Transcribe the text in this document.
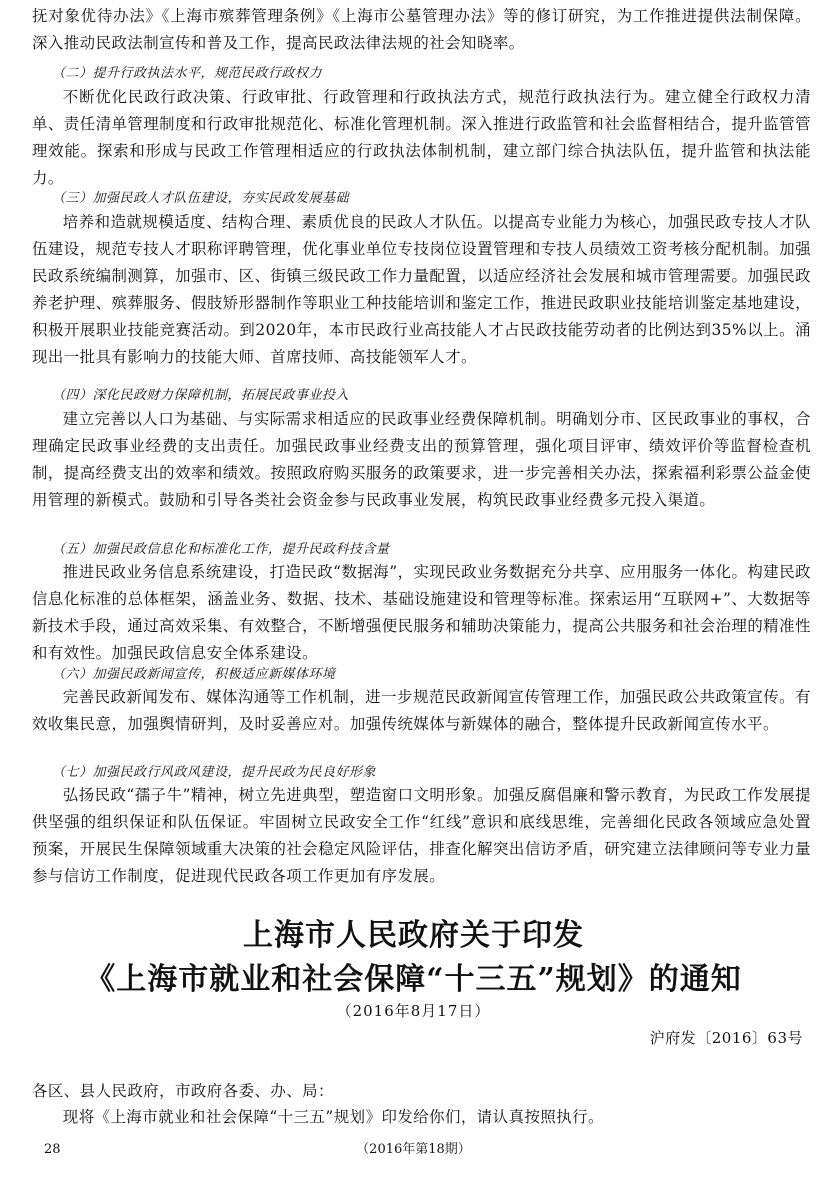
抚对象优待办法》《上海市殡葬管理条例》《上海市公墓管理办法》等的修订研究，为工作推进提供法制保障。深入推动民政法制宣传和普及工作，提高民政法律法规的社会知晓率。

（二）提升行政执法水平，规范民政行政权力

不断优化民政行政决策、行政审批、行政管理和行政执法方式，规范行政执法行为。建立健全行政权力清单、责任清单管理制度和行政审批规范化、标准化管理机制。深入推进行政监管和社会监督相结合，提升监管管理效能。探索和形成与民政工作管理相适应的行政执法体制机制，建立部门综合执法队伍，提升监管和执法能力。

（三）加强民政人才队伍建设，夯实民政发展基础

培养和造就规模适度、结构合理、素质优良的民政人才队伍。以提高专业能力为核心，加强民政专技人才队伍建设，规范专技人才职称评聘管理，优化事业单位专技岗位设置管理和专技人员绩效工资考核分配机制。加强民政系统编制测算，加强市、区、街镇三级民政工作力量配置，以适应经济社会发展和城市管理需要。加强民政养老护理、殡葬服务、假肢矫形器制作等职业工种技能培训和鉴定工作，推进民政职业技能培训鉴定基地建设，积极开展职业技能竞赛活动。到2020年，本市民政行业高技能人才占民政技能劳动者的比例达到35%以上。涌现出一批具有影响力的技能大师、首席技师、高技能领军人才。

（四）深化民政财力保障机制，拓展民政事业投入

建立完善以人口为基础、与实际需求相适应的民政事业经费保障机制。明确划分市、区民政事业的事权，合理确定民政事业经费的支出责任。加强民政事业经费支出的预算管理，强化项目评审、绩效评价等监督检查机制，提高经费支出的效率和绩效。按照政府购买服务的政策要求，进一步完善相关办法，探索福利彩票公益金使用管理的新模式。鼓励和引导各类社会资金参与民政事业发展，构筑民政事业经费多元投入渠道。

（五）加强民政信息化和标准化工作，提升民政科技含量

推进民政业务信息系统建设，打造民政“数据海”，实现民政业务数据充分共享、应用服务一体化。构建民政信息化标准的总体框架，涵盖业务、数据、技术、基础设施建设和管理等标准。探索运用“互联网+”、大数据等新技术手段，通过高效采集、有效整合，不断增强便民服务和辅助决策能力，提高公共服务和社会治理的精准性和有效性。加强民政信息安全体系建设。

（六）加强民政新闻宣传，积极适应新媒体环境

完善民政新闻发布、媒体沟通等工作机制，进一步规范民政新闻宣传管理工作，加强民政公共政策宣传。有效收集民意，加强舆情研判，及时妥善应对。加强传统媒体与新媒体的融合，整体提升民政新闻宣传水平。

（七）加强民政行风政风建设，提升民政为民良好形象

弘扬民政“孺子牛”精神，树立先进典型，塑造窗口文明形象。加强反腐倡廉和警示教育，为民政工作发展提供坚强的组织保证和队伍保证。牢固树立民政安全工作“红线”意识和底线思维，完善细化民政各领域应急处置预案，开展民生保障领域重大决策的社会稳定风险评估，排查化解突出信访矛盾，研究建立法律顾问等专业力量参与信访工作制度，促进现代民政各项工作更加有序发展。

上海市人民政府关于印发
《上海市就业和社会保障“十三五”规划》的通知
（2016年8月17日）
沪府发〔2016〕63号

各区、县人民政府，市政府各委、办、局：

现将《上海市就业和社会保障“十三五”规划》印发给你们，请认真按照执行。

28	（2016年第18期）
